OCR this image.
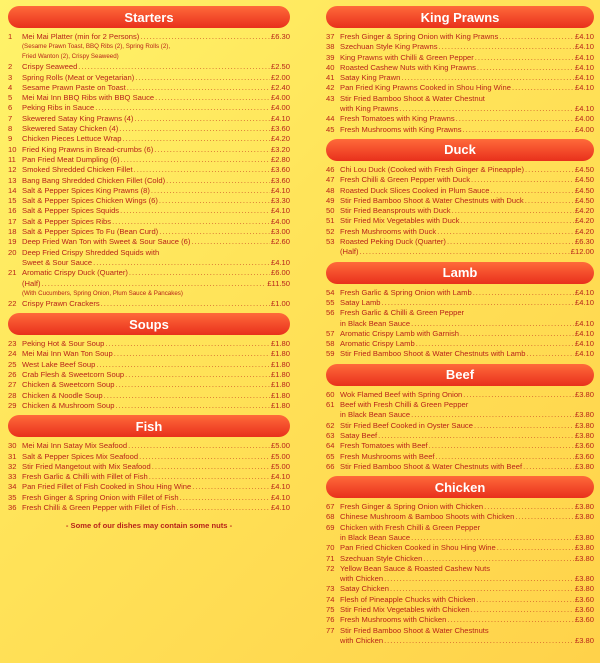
Starters
1	Mei Mai Platter (min for 2 Persons) .....	£6.30
(Sesame Prawn Toast, BBQ Ribs (2), Spring Rolls (2),
Fried Wanton (2), Crispy Seaweed)
2	Crispy Seaweed .....	£2.50
3	Spring Rolls (Meat or Vegetarian) .....	£2.00
4	Sesame Prawn Paste on Toast .....	£2.40
5	Mei Mai Inn BBQ Ribs with BBQ Sauce .....	£4.00
6	Peking Ribs in Sauce .....	£4.00
7	Skewered Satay King Prawns (4) .....	£4.10
8	Skewered Satay Chicken (4) .....	£3.60
9	Chicken Pieces Lettuce Wrap .....	£4.20
10 Fried King Prawns in Bread-crumbs (6) .....	£3.20
11 Pan Fried Meat Dumpling (6) .....	£2.80
12 Smoked Shredded Chicken Fillet .....	£3.60
13 Bang Bang Shredded Chicken Fillet (Cold) .....	£3.60
14 Salt & Pepper Spices King Prawns (8) .....	£4.10
15 Salt & Pepper Spices Chicken Wings (6) .....	£3.30
16 Salt & Pepper Spices Squids .....	£4.10
17 Salt & Pepper Spices Ribs .....	£4.00
18 Salt & Pepper Spices To Fu (Bean Curd) .....	£3.00
19 Deep Fried Wan Ton with Sweet & Sour Sauce (6) .....	£2.60
20 Deep Fried Crispy Shredded Squids with
Sweet & Sour Sauce .....	£4.10
21 Aromatic Crispy Duck (Quarter) .....	£6.00
(Half) .....	£11.50
(With Cucumbers, Spring Onion, Plum Sauce & Pancakes)
22 Crispy Prawn Crackers .....	£1.00
Soups
23 Peking Hot & Sour Soup .....	£1.80
24 Mei Mai Inn Wan Ton Soup .....	£1.80
25 West Lake Beef Soup .....	£1.80
26 Crab Flesh & Sweetcorn Soup .....	£1.80
27 Chicken & Sweetcorn Soup .....	£1.80
28 Chicken & Noodle Soup .....	£1.80
29 Chicken & Mushroom Soup .....	£1.80
Fish
30 Mei Mai Inn Satay Mix Seafood .....	£5.00
31 Salt & Pepper Spices Mix Seafood .....	£5.00
32 Stir Fried Mangetout with Mix Seafood .....	£5.00
33 Fresh Garlic & Chilli with Fillet of Fish .....	£4.10
34 Pan Fried Fillet of Fish Cooked in Shou Hing Wine .....	£4.10
35 Fresh Ginger & Spring Onion with Fillet of Fish .....	£4.10
36 Fresh Chilli & Green Pepper with Fillet of Fish .....	£4.10
- Some of our dishes may contain some nuts -
King Prawns
37 Fresh Ginger & Spring Onion with King Prawns .....	£4.10
38 Szechuan Style King Prawns .....	£4.10
39 King Prawns with Chilli & Green Pepper .....	£4.10
40 Roasted Cashew Nuts with King Prawns .....	£4.10
41 Satay King Prawn .....	£4.10
42 Pan Fried King Prawns Cooked in Shou Hing Wine .....	£4.10
43 Stir Fried Bamboo Shoot & Water Chestnut
with King Prawns .....	£4.10
44 Fresh Tomatoes with King Prawns .....	£4.00
45 Fresh Mushrooms with King Prawns .....	£4.00
Duck
46 Chi Lou Duck (Cooked with Fresh Ginger & Pineapple) .....	£4.50
47 Fresh Chilli & Green Pepper with Duck .....	£4.50
48 Roasted Duck Slices Cooked in Plum Sauce .....	£4.50
49 Stir Fried Bamboo Shoot & Water Chestnuts with Duck .....	£4.50
50 Stir Fried Beansprouts with Duck .....	£4.20
51 Stir Fried Mix Vegetables with Duck .....	£4.20
52 Fresh Mushrooms with Duck .....	£4.20
53 Roasted Peking Duck (Quarter) .....	£6.30
(Half) .....	£12.00
Lamb
54 Fresh Garlic & Spring Onion with Lamb .....	£4.10
55 Satay Lamb .....	£4.10
56 Fresh Garlic & Chilli & Green Pepper
in Black Bean Sauce .....	£4.10
57 Aromatic Crispy Lamb with Garnish .....	£4.10
58 Aromatic Crispy Lamb .....	£4.10
59 Stir Fried Bamboo Shoot & Water Chestnuts with Lamb .....	£4.10
Beef
60 Wok Flamed Beef with Spring Onion .....	£3.80
61 Beef with Fresh Chilli & Green Pepper
in Black Bean Sauce .....	£3.80
62 Stir Fried Beef Cooked in Oyster Sauce .....	£3.80
63 Satay Beef .....	£3.80
64 Fresh Tomatoes with Beef .....	£3.60
65 Fresh Mushrooms with Beef .....	£3.60
66 Stir Fried Bamboo Shoot & Water Chestnuts with Beef .....	£3.80
Chicken
67 Fresh Ginger & Spring Onion with Chicken .....	£3.80
68 Chinese Mushroom & Bamboo Shoots with Chicken .....	£3.80
69 Chicken with Fresh Chilli & Green Pepper
in Black Bean Sauce .....	£3.80
70 Pan Fried Chicken Cooked in Shou Hing Wine .....	£3.80
71 Szechuan Style Chicken .....	£3.80
72 Yellow Bean Sauce & Roasted Cashew Nuts
with Chicken .....	£3.80
73 Satay Chicken .....	£3.80
74 Flesh of Pineapple Chucks with Chicken .....	£3.60
75 Stir Fried Mix Vegetables with Chicken .....	£3.60
76 Fresh Mushrooms with Chicken .....	£3.60
77 Stir Fried Bamboo Shoot & Water Chestnuts
with Chicken .....	£3.80
